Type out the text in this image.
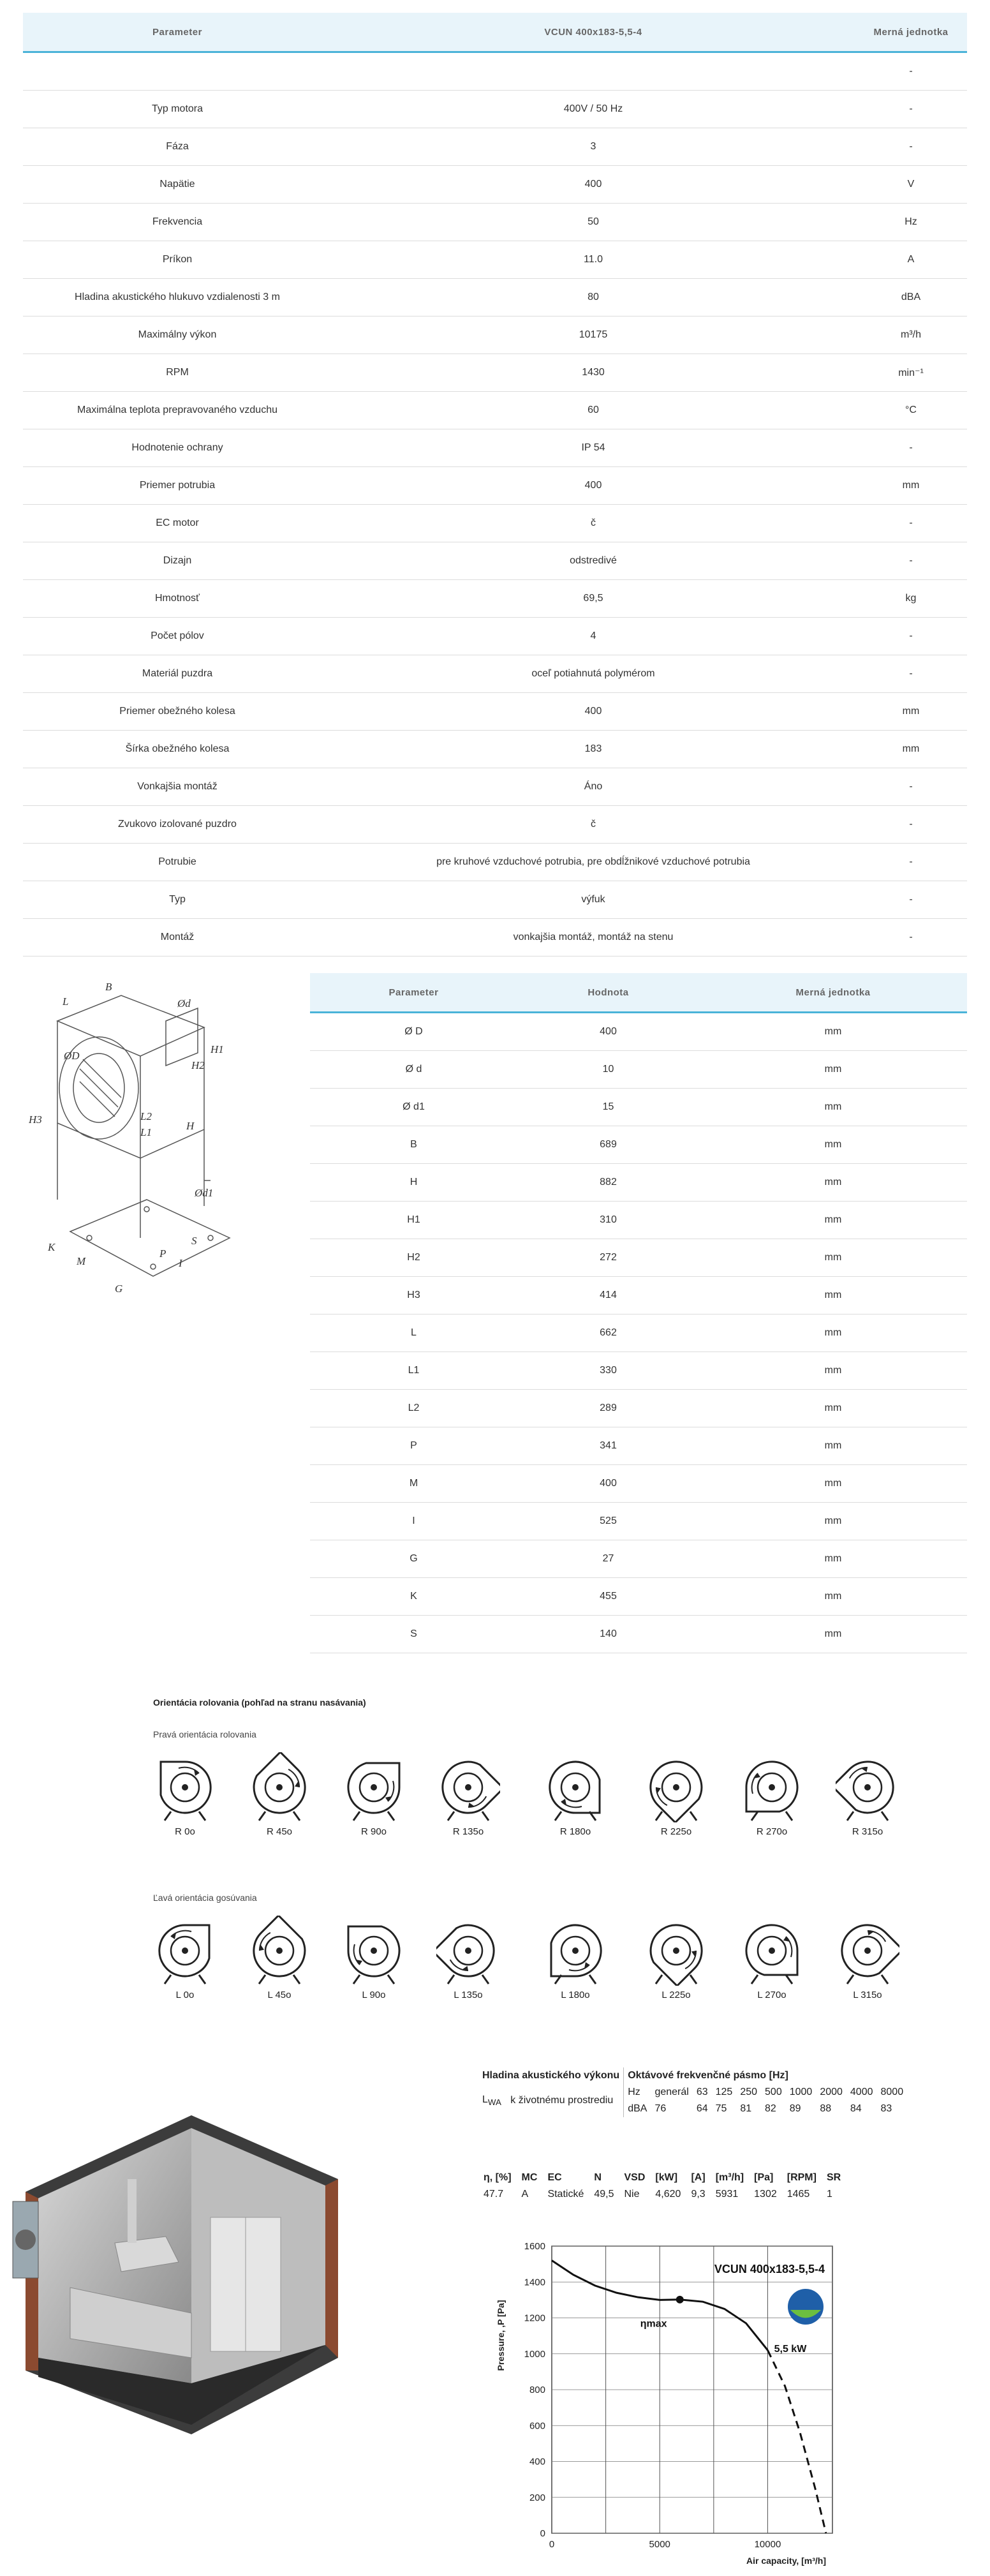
Parameter	VCUN 400x183-5,5-4	Merná jednotka
		-
Typ motora	400V / 50 Hz	-
Fáza	3	-
Napätie	400	V
Frekvencia	50	Hz
Príkon	11.0	A
Hladina akustického hlukuvo vzdialenosti 3 m	80	dBA
Maximálny výkon	10175	m³/h
RPM	1430	min⁻¹
Maximálna teplota prepravovaného vzduchu	60	°C
Hodnotenie ochrany	IP 54	-
Priemer potrubia	400	mm
EC motor	č	-
Dizajn	odstredivé	-
Hmotnosť	69,5	kg
Počet pólov	4	-
Materiál puzdra	oceľ potiahnutá polymérom	-
Priemer obežného kolesa	400	mm
Šírka obežného kolesa	183	mm
Vonkajšia montáž	Áno	-
Zvukovo izolované puzdro	č	-
Potrubie	pre kruhové vzduchové potrubia, pre obdĺžnikové vzduchové potrubia	-
Typ	výfuk	-
Montáž	vonkajšia montáž, montáž na stenu	-
B
L	Ød
H2
H1
ØD
L2
L1
H
H3
Ød1
S
P
K
M
G
I
Parameter	Hodnota	Merná jednotka
Ø D	400	mm
Ø d	10	mm
Ø d1	15	mm
B	689	mm
H	882	mm
H1	310	mm
H2	272	mm
H3	414	mm
L	662	mm
L1	330	mm
L2	289	mm
P	341	mm
M	400	mm
I	525	mm
G	27	mm
K	455	mm
S	140	mm
Orientácia rolovania (pohľad na stranu nasávania)
Pravá orientácia rolovania
Ľavá orientácia gosúvania
R 0o	R 45o	R 90o	R 135o	R 180o	R 225o	R 270o	R 315o
L 0o	L 45o	L 90o	L 135o	L 180o	L 225o	L 270o	L 315o
Hladina akustického výkonu		Oktávové frekvenčné pásmo [Hz]									
$L_{WA}$	k životnému prostrediu	Hz	generál	63	125	250	500	1000	2000	4000	8000
		dBA	76	64	75	81	82	89	88	84	83
η, [%]	MC	EC	N	VSD	[kW]	[A]	[m³/h]	[Pa]	[RPM]	SR
47.7	A	Statické	49,5	Nie	4,620	9,3	5931	1302	1465	1
0
200
400
600
800
1000
1200
1400
1600
0	5000	10000
Pressure, ,P [Pa]
Air capacity, [m³/h]
VCUN 400x183-5,5-4
ηmax
5,5 kW
